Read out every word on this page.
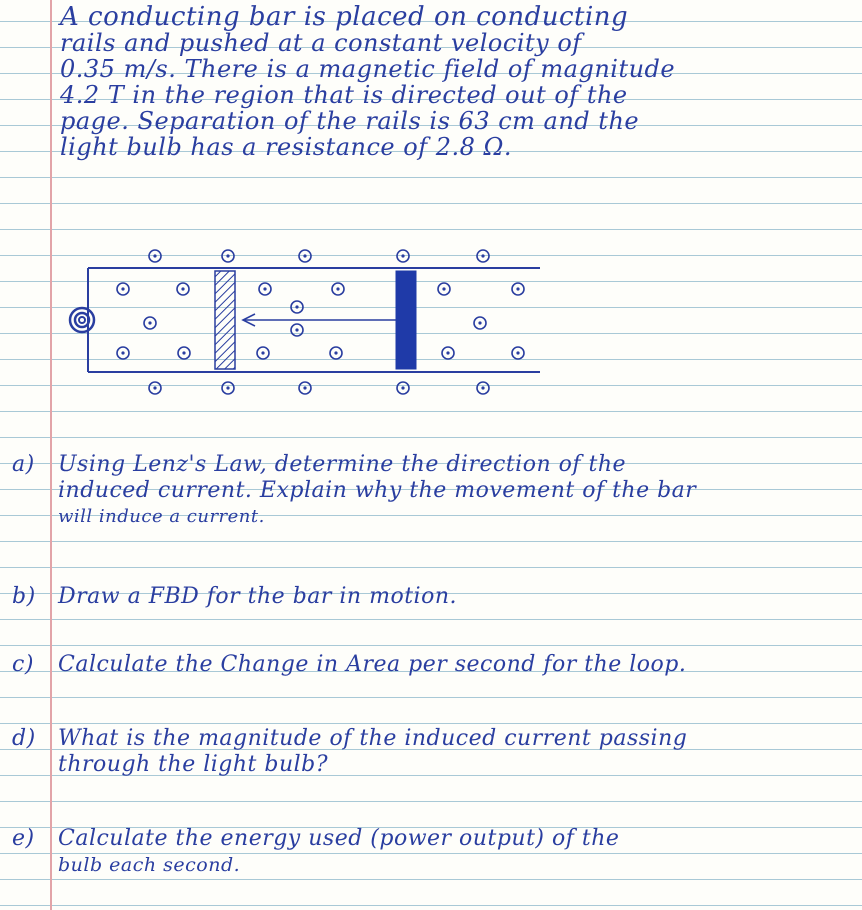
A conducting bar is placed on conducting
rails and pushed at a constant velocity of
0.35 m/s. There is a magnetic field of magnitude
4.2 T in the region that is directed out of the
page. Separation of the rails is 63 cm and the
light bulb has a resistance of 2.8 Ω.
a) Using Lenz's Law, determine the direction of the
induced current. Explain why the movement of the bar
will induce a current.
b) Draw a FBD for the bar in motion.
c) Calculate the Change in Area per second for the loop.
d) What is the magnitude of the induced current passing
through the light bulb?
e) Calculate the energy used (power output) of the
bulb each second.
